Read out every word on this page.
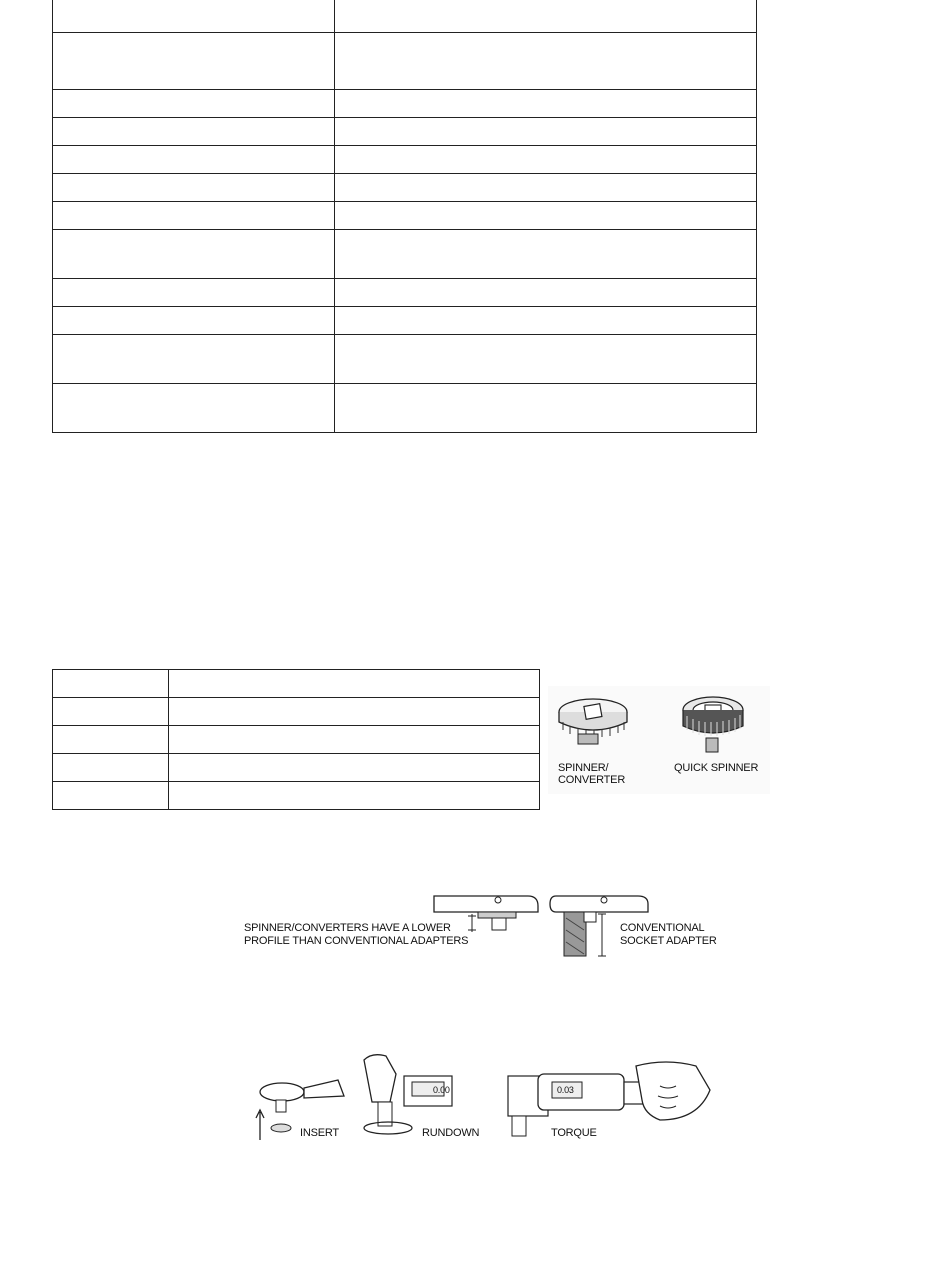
SPINNER/
CONVERTER
QUICK SPINNER
SPINNER/CONVERTERS HAVE A LOWER
PROFILE THAN CONVENTIONAL ADAPTERS
CONVENTIONAL
SOCKET ADAPTER
0.00	0.03
INSERT	RUNDOWN	TORQUE
